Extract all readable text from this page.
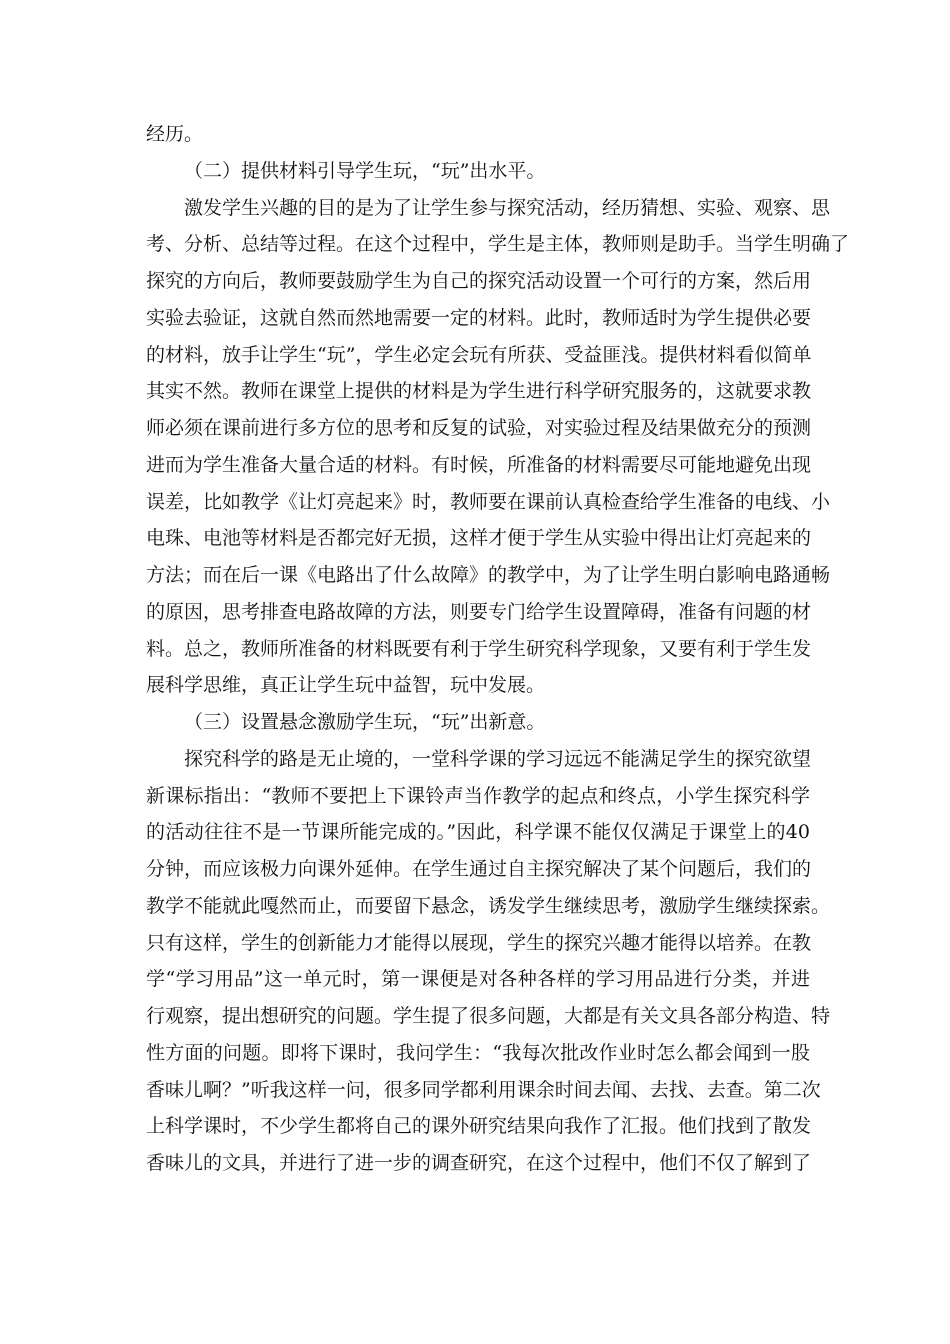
经历。
（二）提供材料引导学生玩，“玩”出水平。
激发学生兴趣的目的是为了让学生参与探究活动，经历猜想、实验、观察、思
考、分析、总结等过程。在这个过程中，学生是主体，教师则是助手。当学生明确了
探究的方向后，教师要鼓励学生为自己的探究活动设置一个可行的方案，然后用
实验去验证，这就自然而然地需要一定的材料。此时，教师适时为学生提供必要
的材料，放手让学生“玩”，学生必定会玩有所获、受益匪浅。提供材料看似简单
其实不然。教师在课堂上提供的材料是为学生进行科学研究服务的，这就要求教
师必须在课前进行多方位的思考和反复的试验，对实验过程及结果做充分的预测
进而为学生准备大量合适的材料。有时候，所准备的材料需要尽可能地避免出现
误差，比如教学《让灯亮起来》时，教师要在课前认真检查给学生准备的电线、小
电珠、电池等材料是否都完好无损，这样才便于学生从实验中得出让灯亮起来的
方法；而在后一课《电路出了什么故障》的教学中，为了让学生明白影响电路通畅
的原因，思考排查电路故障的方法，则要专门给学生设置障碍，准备有问题的材
料。总之，教师所准备的材料既要有利于学生研究科学现象，又要有利于学生发
展科学思维，真正让学生玩中益智，玩中发展。
（三）设置悬念激励学生玩，“玩”出新意。
探究科学的路是无止境的，一堂科学课的学习远远不能满足学生的探究欲望
新课标指出：“教师不要把上下课铃声当作教学的起点和终点，小学生探究科学
的活动往往不是一节课所能完成的。”因此，科学课不能仅仅满足于课堂上的40
分钟，而应该极力向课外延伸。在学生通过自主探究解决了某个问题后，我们的
教学不能就此嘎然而止，而要留下悬念，诱发学生继续思考，激励学生继续探索。
只有这样，学生的创新能力才能得以展现，学生的探究兴趣才能得以培养。在教
学“学习用品”这一单元时，第一课便是对各种各样的学习用品进行分类，并进
行观察，提出想研究的问题。学生提了很多问题，大都是有关文具各部分构造、特
性方面的问题。即将下课时，我问学生：“我每次批改作业时怎么都会闻到一股
香味儿啊？”听我这样一问，很多同学都利用课余时间去闻、去找、去查。第二次
上科学课时，不少学生都将自己的课外研究结果向我作了汇报。他们找到了散发
香味儿的文具，并进行了进一步的调查研究，在这个过程中，他们不仅了解到了
